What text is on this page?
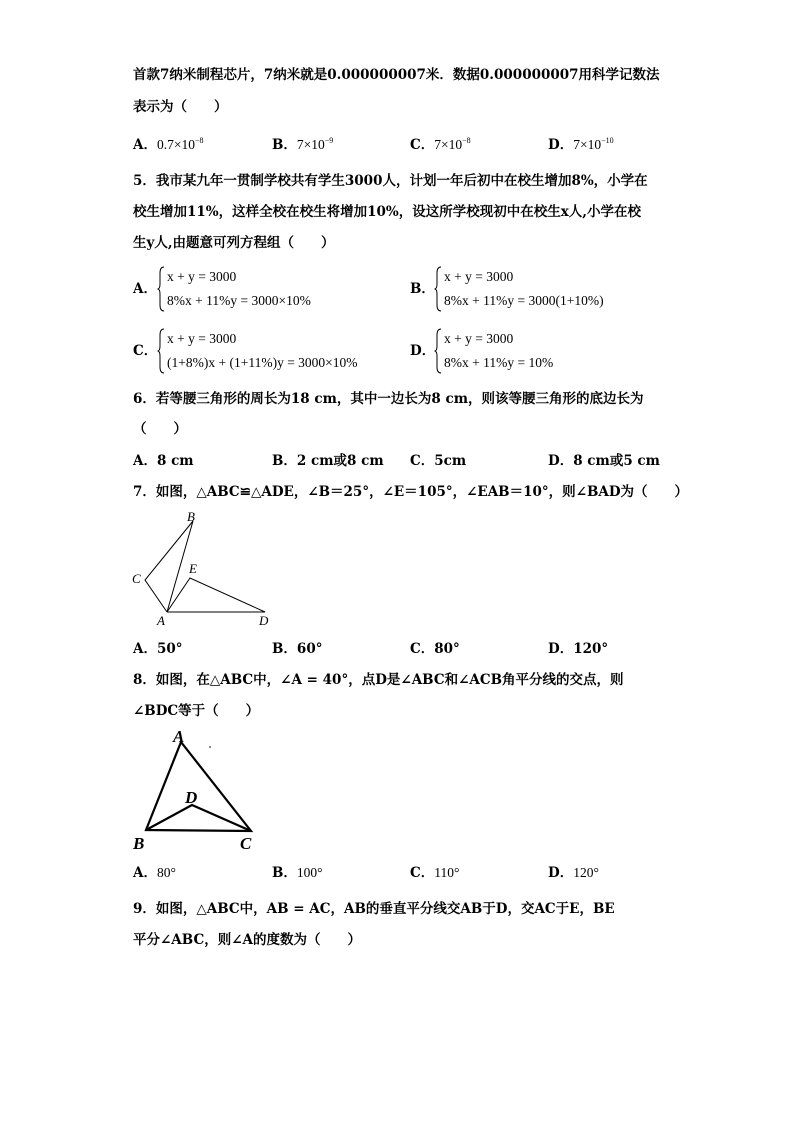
首款7纳米制程芯片，7纳米就是0.000000007米．数据0.000000007用科学记数法
表示为（　　）
A．$0.7\times 10^{-8}$	B．$7\times 10^{-9}$	C．$7\times 10^{-8}$	D．$7\times 10^{-10}$
5．我市某九年一贯制学校共有学生3000人，计划一年后初中在校生增加8%，小学在
校生增加11%，这样全校在校生将增加10%，设这所学校现初中在校生x人,小学在校
生y人,由题意可列方程组（　　）
A．
x + y = 3000
8%x + 11%y = 3000×10%
B．
x + y = 3000
8%x + 11%y = 3000(1+10%)
C．
x + y = 3000
(1+8%)x + (1+11%)y = 3000×10%
D．
x + y = 3000
8%x + 11%y = 10%
6．若等腰三角形的周长为18 cm，其中一边长为8 cm，则该等腰三角形的底边长为
（　　）
A．8 cm	B．2 cm或8 cm C．5cm	D．8 cm或5 cm
7．如图，△ABC≌△ADE，∠B＝25°，∠E＝105°，∠EAB＝10°，则∠BAD为（　　）
B
C
E
A	D
A．50°	B．60°	C．80°	D．120°
8．如图，在△ABC中，∠A = 40°，点D是∠ABC和∠ACB角平分线的交点，则
∠BDC等于（　　）
A
D
B	C
A．80°	B．100°	C．110°	D．120°
9．如图，△ABC中，AB = AC，AB的垂直平分线交AB于D，交AC于E，BE
平分∠ABC，则∠A的度数为（　　）
